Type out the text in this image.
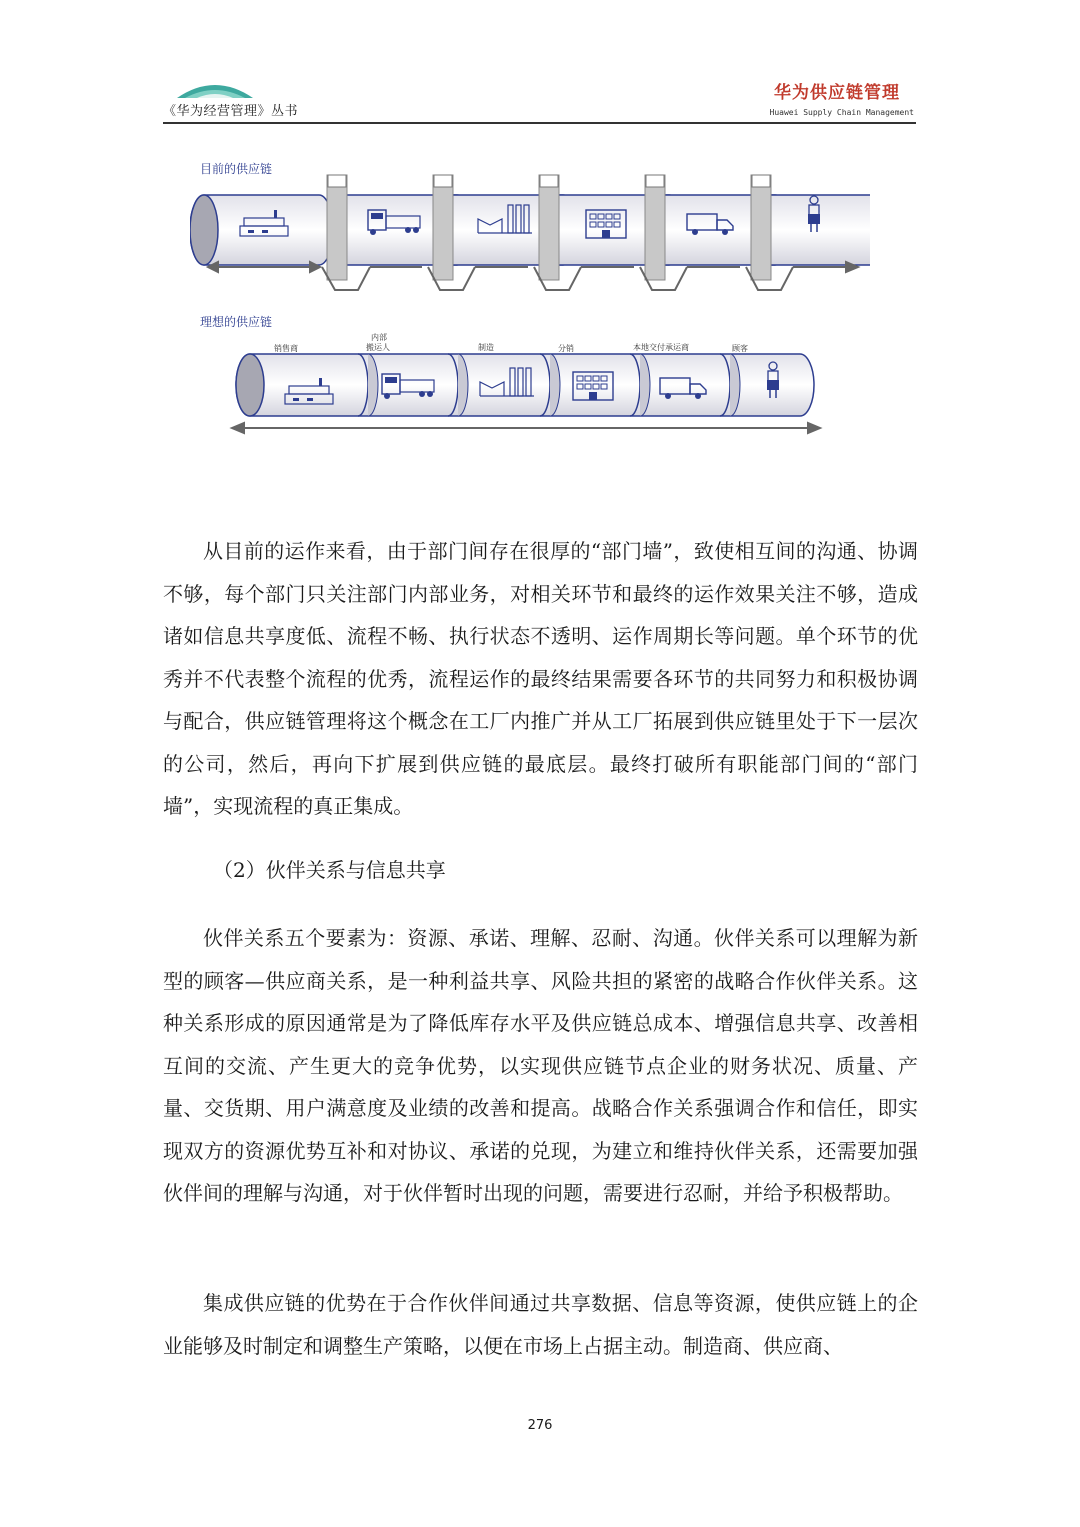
《华为经营管理》丛书
华为供应链管理
Huawei Supply Chain Management
目前的供应链
理想的供应链
销售商
内部
搬运人	制造	分销	本地交付承运商	顾客

从目前的运作来看，由于部门间存在很厚的“部门墙”，致使相互间的沟通、协调不够，每个部门只关注部门内部业务，对相关环节和最终的运作效果关注不够，造成诸如信息共享度低、流程不畅、执行状态不透明、运作周期长等问题。单个环节的优秀并不代表整个流程的优秀，流程运作的最终结果需要各环节的共同努力和积极协调与配合，供应链管理将这个概念在工厂内推广并从工厂拓展到供应链里处于下一层次的公司，然后，再向下扩展到供应链的最底层。最终打破所有职能部门间的“部门墙”，实现流程的真正集成。

（2）伙伴关系与信息共享

伙伴关系五个要素为：资源、承诺、理解、忍耐、沟通。伙伴关系可以理解为新型的顾客—供应商关系，是一种利益共享、风险共担的紧密的战略合作伙伴关系。这种关系形成的原因通常是为了降低库存水平及供应链总成本、增强信息共享、改善相互间的交流、产生更大的竞争优势，以实现供应链节点企业的财务状况、质量、产量、交货期、用户满意度及业绩的改善和提高。战略合作关系强调合作和信任，即实现双方的资源优势互补和对协议、承诺的兑现，为建立和维持伙伴关系，还需要加强伙伴间的理解与沟通，对于伙伴暂时出现的问题，需要进行忍耐，并给予积极帮助。

集成供应链的优势在于合作伙伴间通过共享数据、信息等资源，使供应链上的企业能够及时制定和调整生产策略，以便在市场上占据主动。制造商、供应商、

276
